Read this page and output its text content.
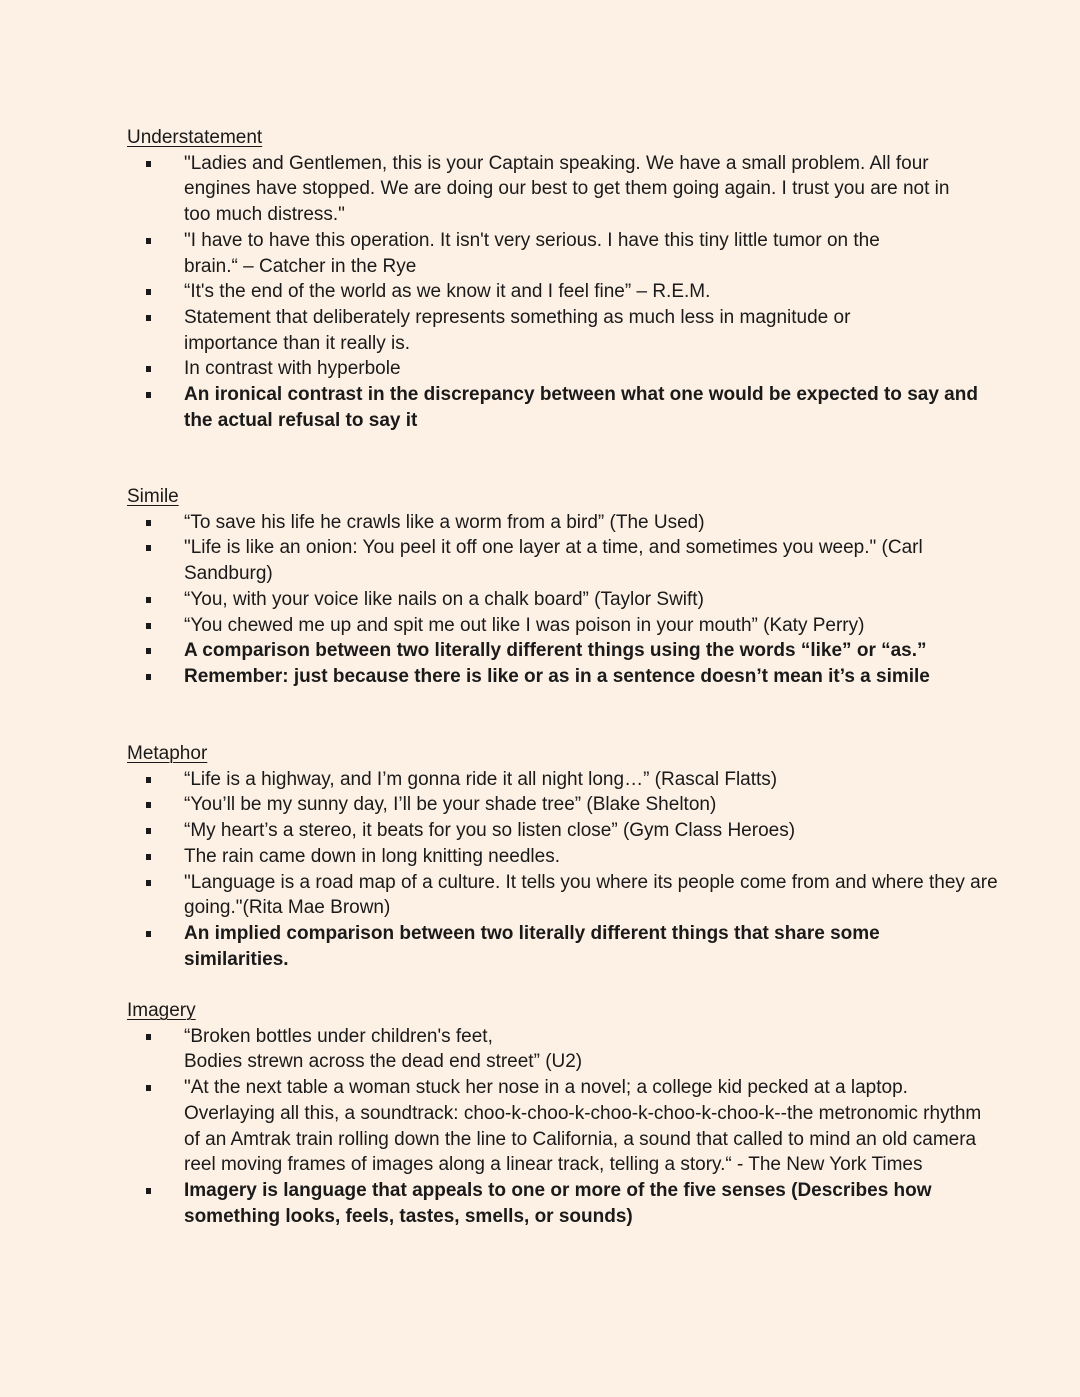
Understatement

"Ladies and Gentlemen, this is your Captain speaking. We have a small problem. All four engines have stopped. We are doing our best to get them going again. I trust you are not in too much distress."
"I have to have this operation. It isn't very serious. I have this tiny little tumor on the brain.“ – Catcher in the Rye
“It's the end of the world as we know it and I feel fine” – R.E.M.
Statement that deliberately represents something as much less in magnitude or importance than it really is.
In contrast with hyperbole
An ironical contrast in the discrepancy between what one would be expected to say and the actual refusal to say it

Simile

“To save his life he crawls like a worm from a bird” (The Used)
"Life is like an onion: You peel it off one layer at a time, and sometimes you weep." (Carl Sandburg)
“You, with your voice like nails on a chalk board” (Taylor Swift)
“You chewed me up and spit me out like I was poison in your mouth” (Katy Perry)
A comparison between two literally different things using the words “like” or “as.”
Remember: just because there is like or as in a sentence doesn’t mean it’s a simile

Metaphor

“Life is a highway, and I’m gonna ride it all night long…” (Rascal Flatts)
“You’ll be my sunny day, I’ll be your shade tree” (Blake Shelton)
“My heart’s a stereo, it beats for you so listen close” (Gym Class Heroes)
The rain came down in long knitting needles.
"Language is a road map of a culture. It tells you where its people come from and where they are going."(Rita Mae Brown)
An implied comparison between two literally different things that share some similarities.

Imagery

“Broken bottles under children's feet,
Bodies strewn across the dead end street” (U2)
"At the next table a woman stuck her nose in a novel; a college kid pecked at a laptop. Overlaying all this, a soundtrack: choo-k-choo-k-choo-k-choo-k-choo-k--the metronomic rhythm of an Amtrak train rolling down the line to California, a sound that called to mind an old camera reel moving frames of images along a linear track, telling a story.“ - The New York Times
Imagery is language that appeals to one or more of the five senses (Describes how something looks, feels, tastes, smells, or sounds)
